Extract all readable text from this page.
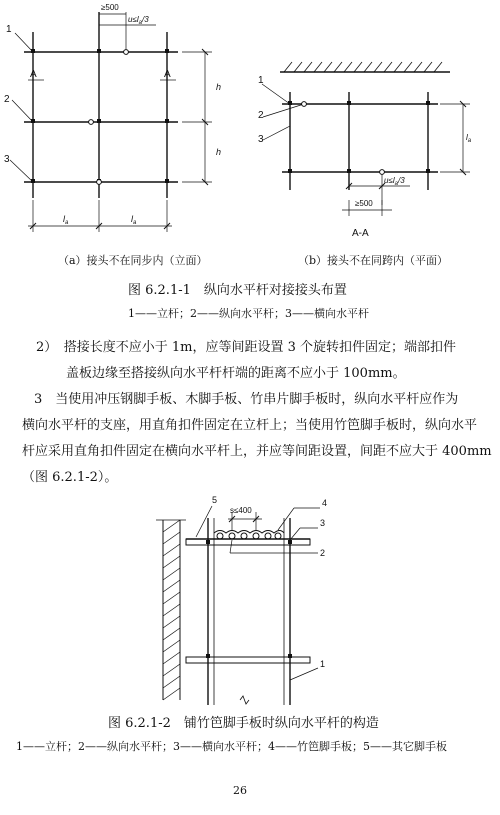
1
2
3
A	A
≥500
$u\le l_a/3$
h
h
$l_a$	$l_a$
1
2
3	$l_a$
$u\le l_a/3$
≥500
A-A
（a）接头不在同步内（立面）	（b）接头不在同跨内（平面）
图 6.2.1-1　纵向水平杆对接接头布置
1——立杆；2——纵向水平杆；3——横向水平杆
2）　搭接长度不应小于 1m，应等间距设置 3 个旋转扣件固定；端部扣件
盖板边缘至搭接纵向水平杆杆端的距离不应小于 100mm。
3　当使用冲压钢脚手板、木脚手板、竹串片脚手板时，纵向水平杆应作为
横向水平杆的支座，用直角扣件固定在立杆上；当使用竹笆脚手板时，纵向水平
杆应采用直角扣件固定在横向水平杆上，并应等间距设置，间距不应大于 400mm
（图 6.2.1-2）。
5	4
3
2
1
s≤400
图 6.2.1-2　铺竹笆脚手板时纵向水平杆的构造
1——立杆；2——纵向水平杆；3——横向水平杆；4——竹笆脚手板；5——其它脚手板
26
